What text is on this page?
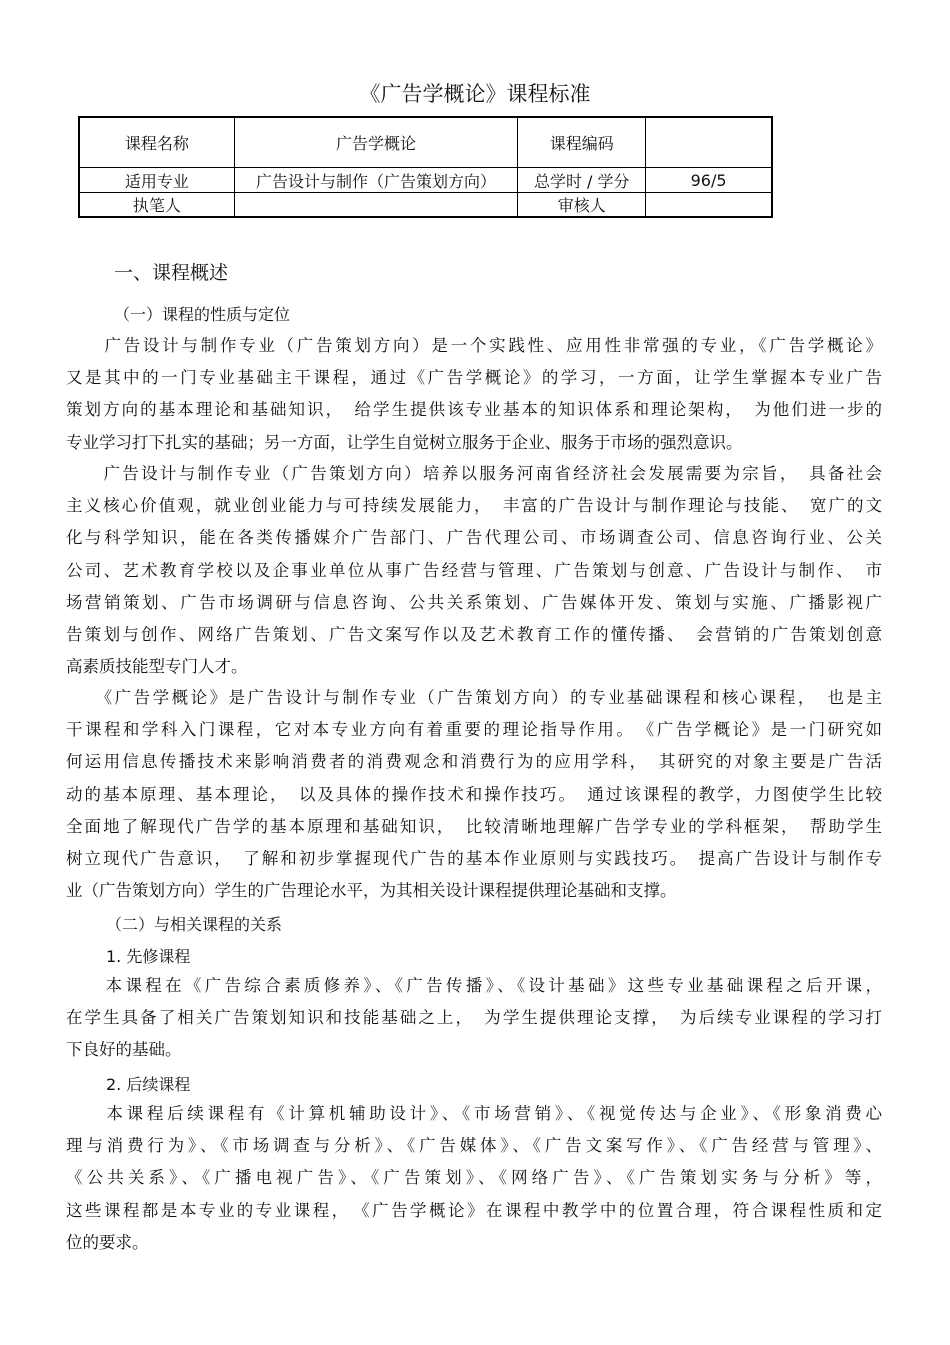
《广告学概论》课程标准
课程名称	广告学概论	课程编码	
适用专业	广告设计与制作（广告策划方向）	总学时 / 学分	96/5
执笔人		审核人	
一、课程概述
（一）课程的性质与定位
　　广告设计与制作专业（广告策划方向）是一个实践性、应用性非常强的专业，《广告学概论》
又是其中的一门专业基础主干课程，通过《广告学概论》的学习，一方面，让学生掌握本专业广告
策划方向的基本理论和基础知识，　给学生提供该专业基本的知识体系和理论架构，　为他们进一步的
专业学习打下扎实的基础；另一方面，让学生自觉树立服务于企业、服务于市场的强烈意识。
　　广告设计与制作专业（广告策划方向）培养以服务河南省经济社会发展需要为宗旨，　具备社会
主义核心价值观，就业创业能力与可持续发展能力，　丰富的广告设计与制作理论与技能、　宽广的文
化与科学知识，能在各类传播媒介广告部门、广告代理公司、市场调查公司、信息咨询行业、公关
公司、艺术教育学校以及企事业单位从事广告经营与管理、广告策划与创意、广告设计与制作、　市
场营销策划、广告市场调研与信息咨询、公共关系策划、广告媒体开发、策划与实施、广播影视广
告策划与创作、网络广告策划、广告文案写作以及艺术教育工作的懂传播、　会营销的广告策划创意
高素质技能型专门人才。
　　《广告学概论》是广告设计与制作专业（广告策划方向）的专业基础课程和核心课程，　也是主
干课程和学科入门课程，它对本专业方向有着重要的理论指导作用。　《广告学概论》是一门研究如
何运用信息传播技术来影响消费者的消费观念和消费行为的应用学科，　其研究的对象主要是广告活
动的基本原理、基本理论，　以及具体的操作技术和操作技巧。　通过该课程的教学，力图使学生比较
全面地了解现代广告学的基本原理和基础知识，　比较清晰地理解广告学专业的学科框架，　帮助学生
树立现代广告意识，　了解和初步掌握现代广告的基本作业原则与实践技巧。　提高广告设计与制作专
业（广告策划方向）学生的广告理论水平，为其相关设计课程提供理论基础和支撑。
（二）与相关课程的关系
1. 先修课程
　　本课程在《广告综合素质修养》、《广告传播》、《设计基础》这些专业基础课程之后开课，
在学生具备了相关广告策划知识和技能基础之上，　为学生提供理论支撑，　为后续专业课程的学习打
下良好的基础。
2. 后续课程
　　本课程后续课程有《计算机辅助设计》、《市场营销》、《视觉传达与企业》、《形象消费心
理与消费行为》、《市场调查与分析》、《广告媒体》、《广告文案写作》、《广告经营与管理》、
《公共关系》、《广播电视广告》、《广告策划》、《网络广告》、《广告策划实务与分析》等，
这些课程都是本专业的专业课程，　《广告学概论》在课程中教学中的位置合理，符合课程性质和定
位的要求。
